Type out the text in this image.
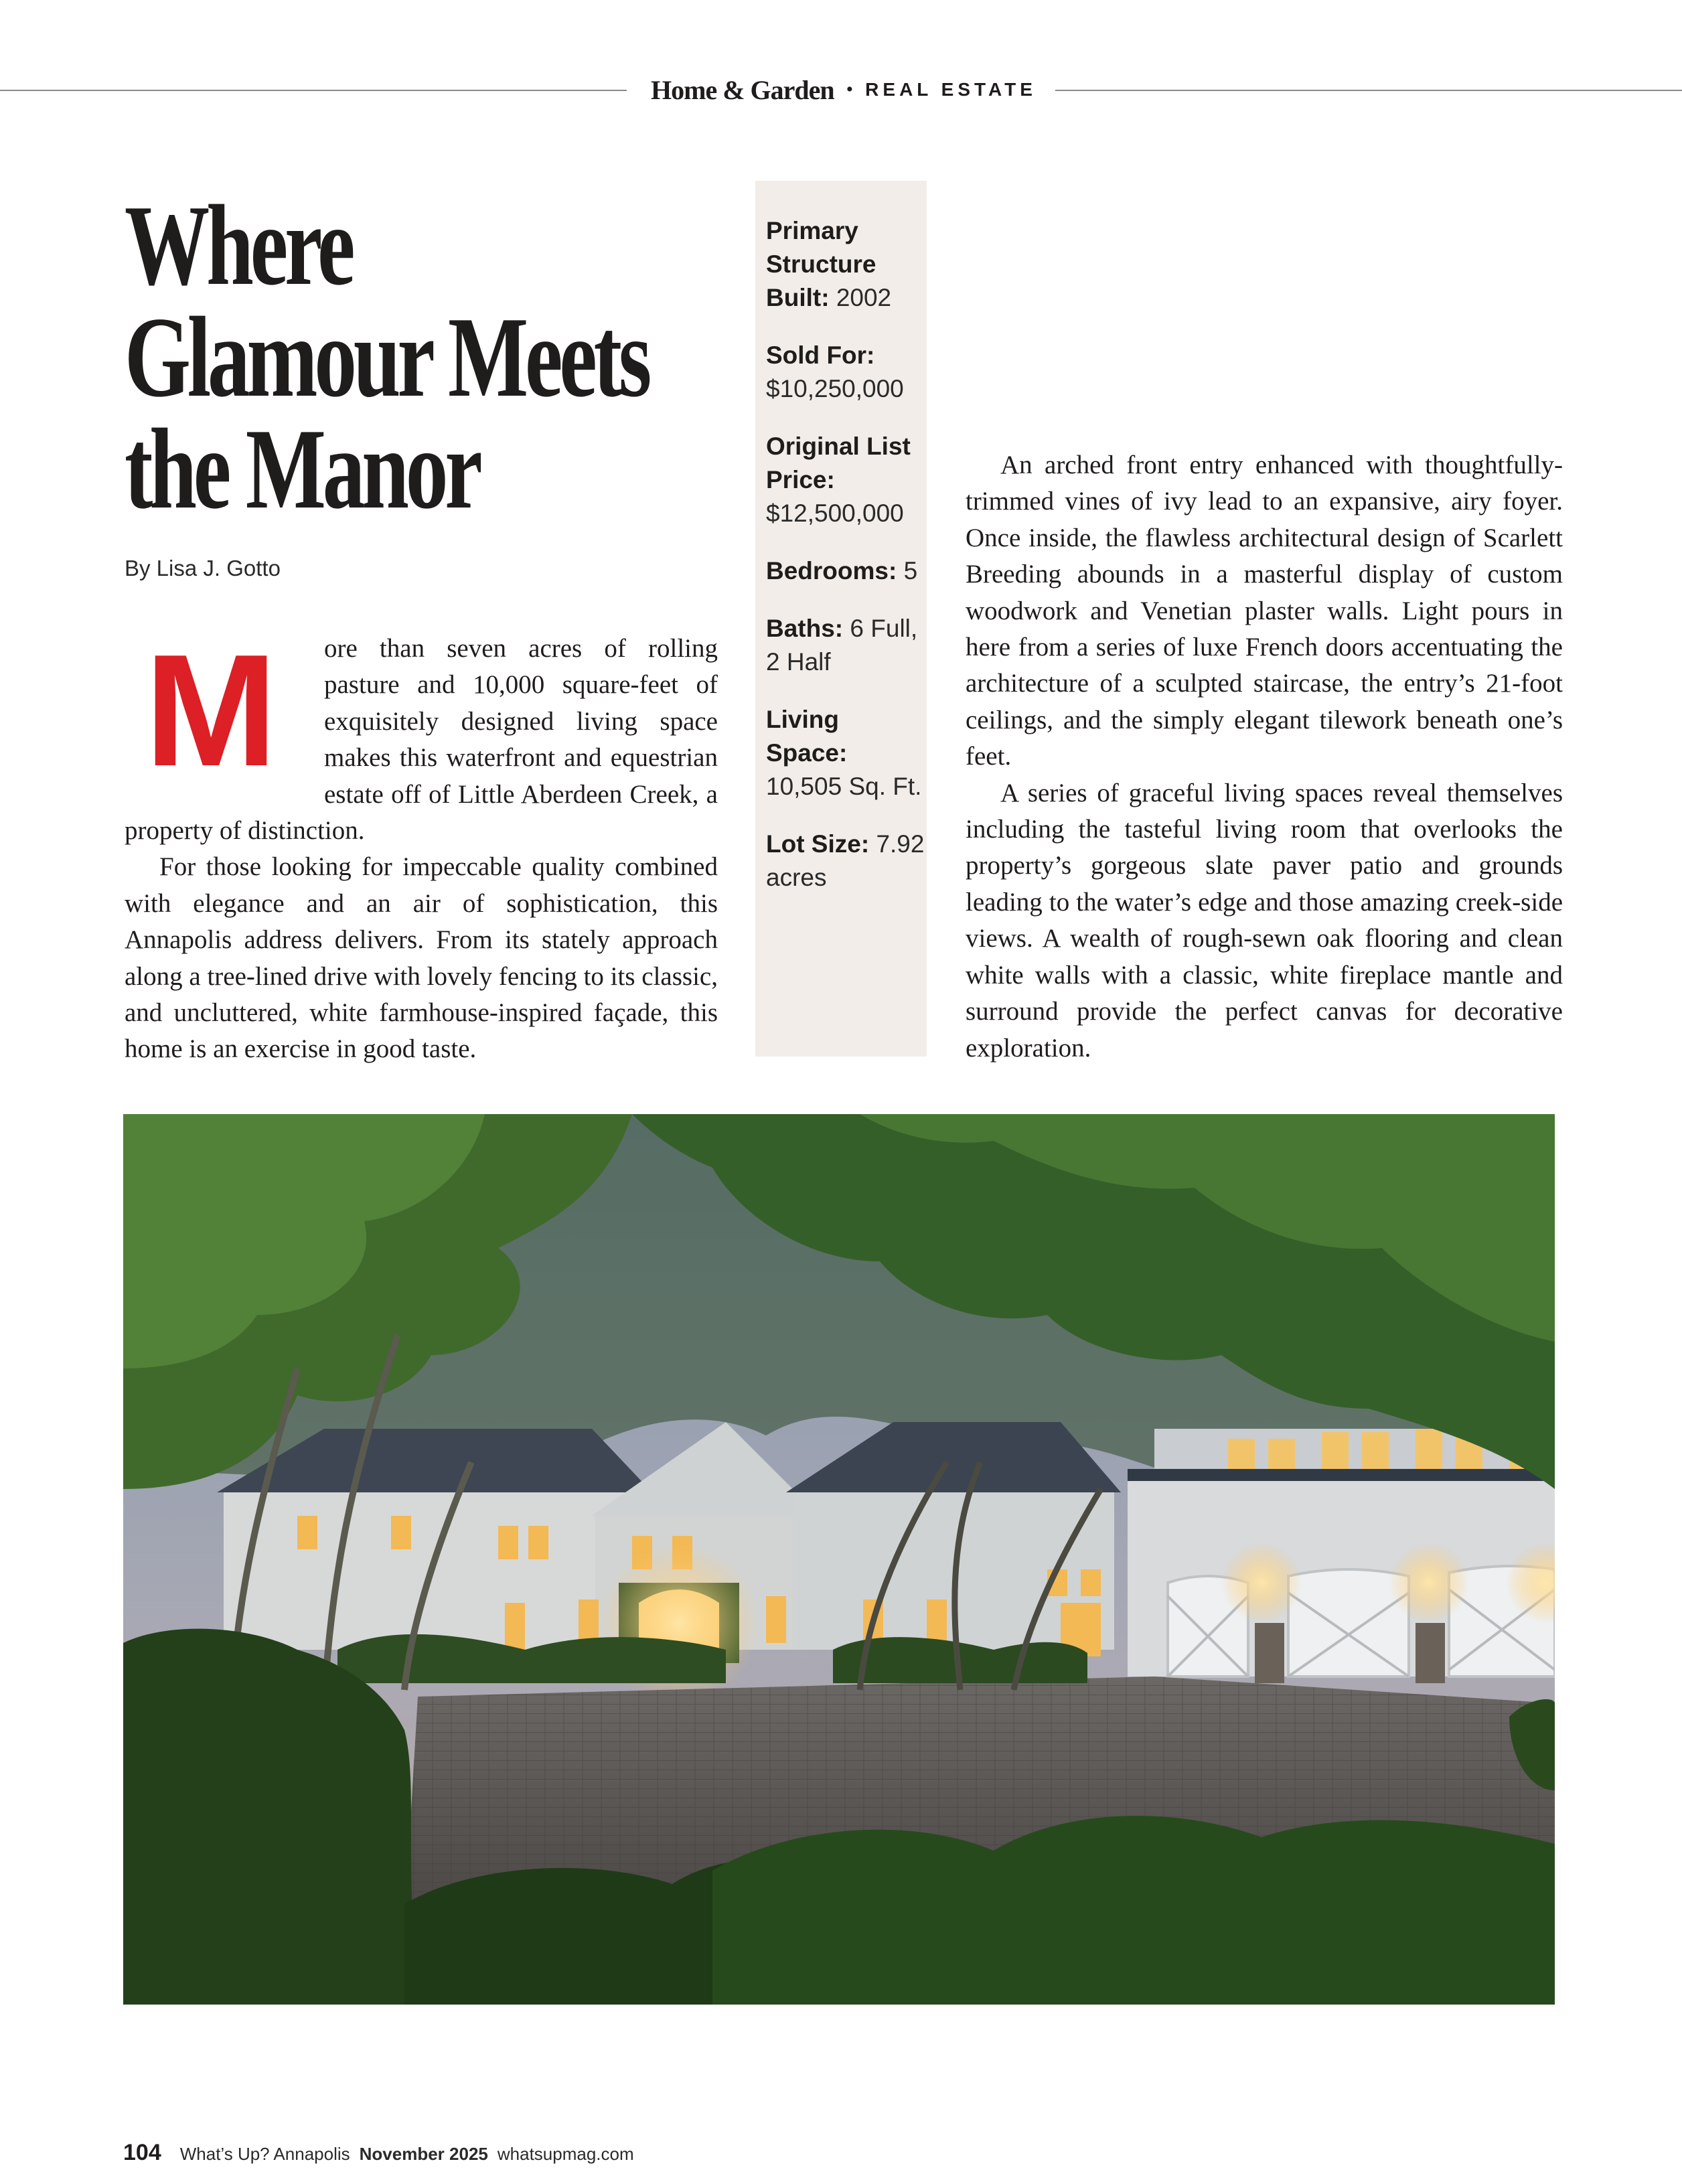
Home & Garden • REAL ESTATE
Where
Glamour Meets
the Manor
By Lisa J. Gotto

M	ore than seven acres of rolling pasture and 10,000 square-feet of exquisitely designed living space makes this waterfront and equestrian estate off of Little Aberdeen Creek, a property of distinction.

For those looking for impeccable quality combined with elegance and an air of sophistication, this Annapolis address delivers. From its stately approach along a tree-lined drive with lovely fencing to its classic, and uncluttered, white farmhouse-inspired façade, this home is an exercise in good taste.

Primary Structure Built: 2002
Sold For: $10,250,000
Original List Price: $12,500,000
Bedrooms: 5
Baths: 6 Full, 2 Half
Living Space: 10,505 Sq. Ft.
Lot Size: 7.92 acres

An arched front entry enhanced with thoughtfully-trimmed vines of ivy lead to an expansive, airy foyer. Once inside, the flawless architectural design of Scarlett Breeding abounds in a masterful display of custom woodwork and Venetian plaster walls. Light pours in here from a series of luxe French doors accentuating the architecture of a sculpted staircase, the entry’s 21-foot ceilings, and the simply elegant tilework beneath one’s feet.

A series of graceful living spaces reveal themselves including the tasteful living room that overlooks the property’s gorgeous slate paver patio and grounds leading to the water’s edge and those amazing creek-side views. A wealth of rough-sewn oak flooring and clean white walls with a classic, white fireplace mantle and surround provide the perfect canvas for decorative exploration.

104 What’s Up? Annapolis November 2025 whatsupmag.com
